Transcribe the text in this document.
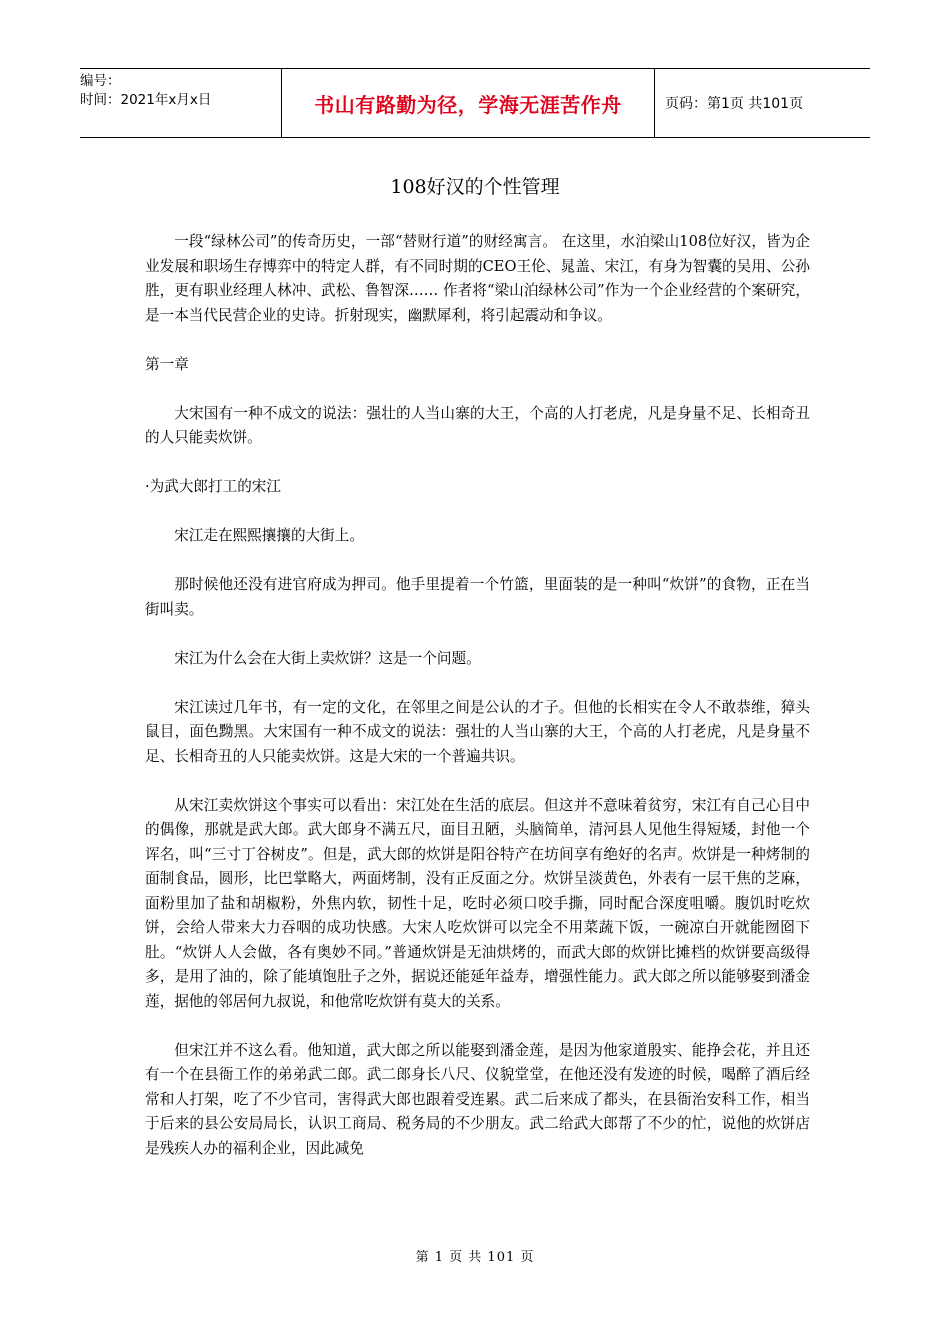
编号：
时间：2021年x月x日	书山有路勤为径，学海无涯苦作舟	页码：第1页 共101页
108好汉的个性管理

一段“绿林公司”的传奇历史，一部“替财行道”的财经寓言。 在这里，水泊梁山108位好汉，皆为企业发展和职场生存博弈中的特定人群，有不同时期的CEO王伦、晁盖、宋江，有身为智囊的吴用、公孙胜，更有职业经理人林冲、武松、鲁智深…… 作者将“梁山泊绿林公司”作为一个企业经营的个案研究，是一本当代民营企业的史诗。折射现实，幽默犀利，将引起震动和争议。

第一章

大宋国有一种不成文的说法：强壮的人当山寨的大王，个高的人打老虎，凡是身量不足、长相奇丑的人只能卖炊饼。

·为武大郎打工的宋江

宋江走在熙熙攘攘的大街上。

那时候他还没有进官府成为押司。他手里提着一个竹篮，里面装的是一种叫“炊饼”的食物，正在当街叫卖。

宋江为什么会在大街上卖炊饼？这是一个问题。

宋江读过几年书，有一定的文化，在邻里之间是公认的才子。但他的长相实在令人不敢恭维，獐头鼠目，面色黝黑。大宋国有一种不成文的说法：强壮的人当山寨的大王，个高的人打老虎，凡是身量不足、长相奇丑的人只能卖炊饼。这是大宋的一个普遍共识。

从宋江卖炊饼这个事实可以看出：宋江处在生活的底层。但这并不意味着贫穷，宋江有自己心目中的偶像，那就是武大郎。武大郎身不满五尺，面目丑陋，头脑简单，清河县人见他生得短矮，封他一个诨名，叫“三寸丁谷树皮”。但是，武大郎的炊饼是阳谷特产在坊间享有绝好的名声。炊饼是一种烤制的面制食品，圆形，比巴掌略大，两面烤制，没有正反面之分。炊饼呈淡黄色，外表有一层干焦的芝麻，面粉里加了盐和胡椒粉，外焦内软，韧性十足，吃时必须口咬手撕，同时配合深度咀嚼。腹饥时吃炊饼，会给人带来大力吞咽的成功快感。大宋人吃炊饼可以完全不用菜蔬下饭，一碗凉白开就能囫囵下肚。“炊饼人人会做，各有奥妙不同。”普通炊饼是无油烘烤的，而武大郎的炊饼比摊档的炊饼要高级得多，是用了油的，除了能填饱肚子之外，据说还能延年益寿，增强性能力。武大郎之所以能够娶到潘金莲，据他的邻居何九叔说，和他常吃炊饼有莫大的关系。

但宋江并不这么看。他知道，武大郎之所以能娶到潘金莲，是因为他家道殷实、能挣会花，并且还有一个在县衙工作的弟弟武二郎。武二郎身长八尺、仪貌堂堂，在他还没有发迹的时候，喝醉了酒后经常和人打架，吃了不少官司，害得武大郎也跟着受连累。武二后来成了都头，在县衙治安科工作，相当于后来的县公安局局长，认识工商局、税务局的不少朋友。武二给武大郎帮了不少的忙，说他的炊饼店是残疾人办的福利企业，因此减免

第 1 页 共 101 页
